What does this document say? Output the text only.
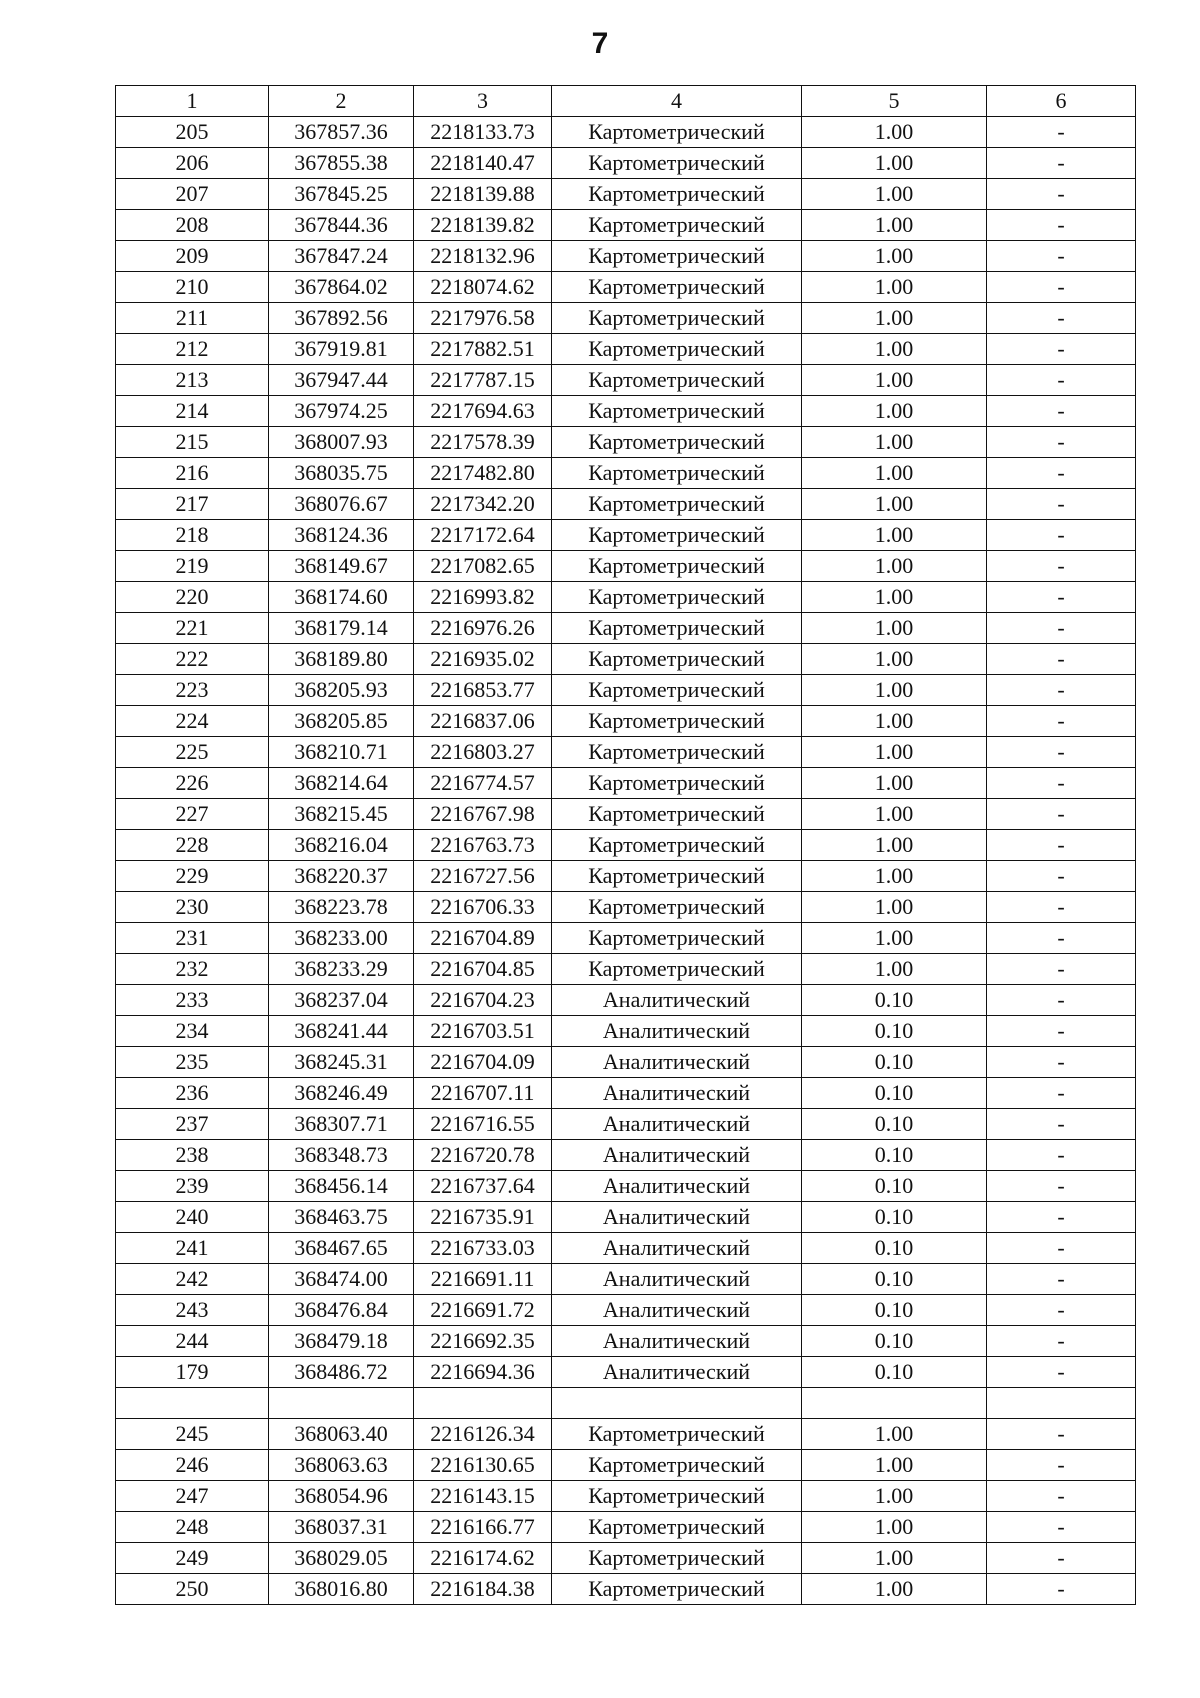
7
1	2	3	4	5	6
205	367857.36	2218133.73	Картометрический	1.00	-
206	367855.38	2218140.47	Картометрический	1.00	-
207	367845.25	2218139.88	Картометрический	1.00	-
208	367844.36	2218139.82	Картометрический	1.00	-
209	367847.24	2218132.96	Картометрический	1.00	-
210	367864.02	2218074.62	Картометрический	1.00	-
211	367892.56	2217976.58	Картометрический	1.00	-
212	367919.81	2217882.51	Картометрический	1.00	-
213	367947.44	2217787.15	Картометрический	1.00	-
214	367974.25	2217694.63	Картометрический	1.00	-
215	368007.93	2217578.39	Картометрический	1.00	-
216	368035.75	2217482.80	Картометрический	1.00	-
217	368076.67	2217342.20	Картометрический	1.00	-
218	368124.36	2217172.64	Картометрический	1.00	-
219	368149.67	2217082.65	Картометрический	1.00	-
220	368174.60	2216993.82	Картометрический	1.00	-
221	368179.14	2216976.26	Картометрический	1.00	-
222	368189.80	2216935.02	Картометрический	1.00	-
223	368205.93	2216853.77	Картометрический	1.00	-
224	368205.85	2216837.06	Картометрический	1.00	-
225	368210.71	2216803.27	Картометрический	1.00	-
226	368214.64	2216774.57	Картометрический	1.00	-
227	368215.45	2216767.98	Картометрический	1.00	-
228	368216.04	2216763.73	Картометрический	1.00	-
229	368220.37	2216727.56	Картометрический	1.00	-
230	368223.78	2216706.33	Картометрический	1.00	-
231	368233.00	2216704.89	Картометрический	1.00	-
232	368233.29	2216704.85	Картометрический	1.00	-
233	368237.04	2216704.23	Аналитический	0.10	-
234	368241.44	2216703.51	Аналитический	0.10	-
235	368245.31	2216704.09	Аналитический	0.10	-
236	368246.49	2216707.11	Аналитический	0.10	-
237	368307.71	2216716.55	Аналитический	0.10	-
238	368348.73	2216720.78	Аналитический	0.10	-
239	368456.14	2216737.64	Аналитический	0.10	-
240	368463.75	2216735.91	Аналитический	0.10	-
241	368467.65	2216733.03	Аналитический	0.10	-
242	368474.00	2216691.11	Аналитический	0.10	-
243	368476.84	2216691.72	Аналитический	0.10	-
244	368479.18	2216692.35	Аналитический	0.10	-
179	368486.72	2216694.36	Аналитический	0.10	-

245	368063.40	2216126.34	Картометрический	1.00	-
246	368063.63	2216130.65	Картометрический	1.00	-
247	368054.96	2216143.15	Картометрический	1.00	-
248	368037.31	2216166.77	Картометрический	1.00	-
249	368029.05	2216174.62	Картометрический	1.00	-
250	368016.80	2216184.38	Картометрический	1.00	-
